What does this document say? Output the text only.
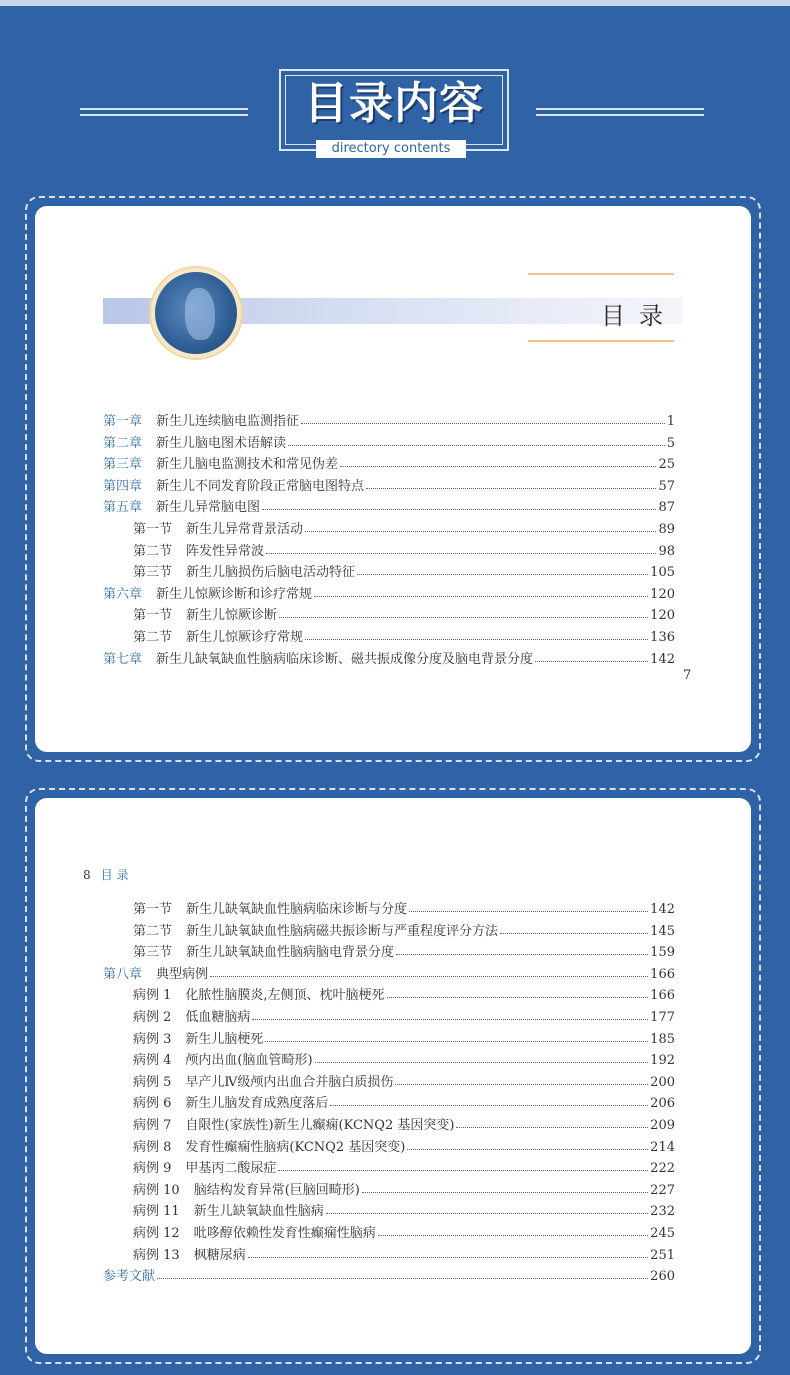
目录内容
directory contents
目录
第一章 新生儿连续脑电监测指征	1
第二章 新生儿脑电图术语解读	5
第三章 新生儿脑电监测技术和常见伪差	25
第四章 新生儿不同发育阶段正常脑电图特点	57
第五章 新生儿异常脑电图	87
第一节 新生儿异常背景活动	89
第二节 阵发性异常波	98
第三节 新生儿脑损伤后脑电活动特征	105
第六章 新生儿惊厥诊断和诊疗常规	120
第一节 新生儿惊厥诊断	120
第二节 新生儿惊厥诊疗常规	136
第七章 新生儿缺氧缺血性脑病临床诊断、磁共振成像分度及脑电背景分度	142
7
8 目 录
第一节 新生儿缺氧缺血性脑病临床诊断与分度	142
第二节 新生儿缺氧缺血性脑病磁共振诊断与严重程度评分方法	145
第三节 新生儿缺氧缺血性脑病脑电背景分度	159
第八章 典型病例	166
病例 1 化脓性脑膜炎,左侧顶、枕叶脑梗死	166
病例 2 低血糖脑病	177
病例 3 新生儿脑梗死	185
病例 4 颅内出血(脑血管畸形)	192
病例 5 早产儿Ⅳ级颅内出血合并脑白质损伤	200
病例 6 新生儿脑发育成熟度落后	206
病例 7 自限性(家族性)新生儿癫痫(KCNQ2 基因突变)	209
病例 8 发育性癫痫性脑病(KCNQ2 基因突变)	214
病例 9 甲基丙二酸尿症	222
病例 10 脑结构发育异常(巨脑回畸形)	227
病例 11 新生儿缺氧缺血性脑病	232
病例 12 吡哆醇依赖性发育性癫痫性脑病	245
病例 13 枫糖尿病	251
参考文献	260
